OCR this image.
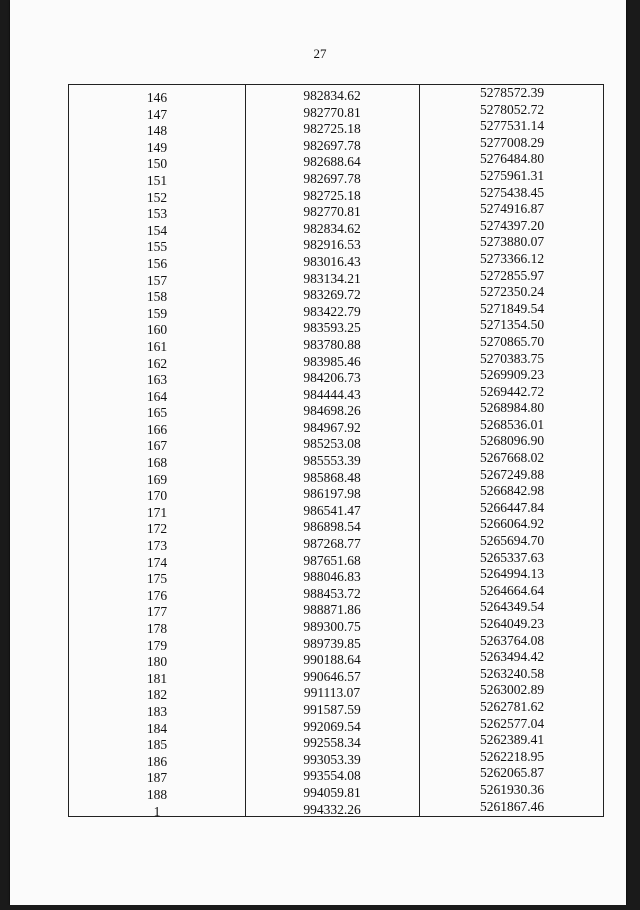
27
146	982834.62	5278572.39
147	982770.81	5278052.72
148	982725.18	5277531.14
149	982697.78	5277008.29
150	982688.64	5276484.80
151	982697.78	5275961.31
152	982725.18	5275438.45
153	982770.81	5274916.87
154	982834.62	5274397.20
155	982916.53	5273880.07
156	983016.43	5273366.12
157	983134.21	5272855.97
158	983269.72	5272350.24
159	983422.79	5271849.54
160	983593.25	5271354.50
161	983780.88	5270865.70
162	983985.46	5270383.75
163	984206.73	5269909.23
164	984444.43	5269442.72
165	984698.26	5268984.80
166	984967.92	5268536.01
167	985253.08	5268096.90
168	985553.39	5267668.02
169	985868.48	5267249.88
170	986197.98	5266842.98
171	986541.47	5266447.84
172	986898.54	5266064.92
173	987268.77	5265694.70
174	987651.68	5265337.63
175	988046.83	5264994.13
176	988453.72	5264664.64
177	988871.86	5264349.54
178	989300.75	5264049.23
179	989739.85	5263764.08
180	990188.64	5263494.42
181	990646.57	5263240.58
182	991113.07	5263002.89
183	991587.59	5262781.62
184	992069.54	5262577.04
185	992558.34	5262389.41
186	993053.39	5262218.95
187	993554.08	5262065.87
188	994059.81	5261930.36
1	994332.26	5261867.46
